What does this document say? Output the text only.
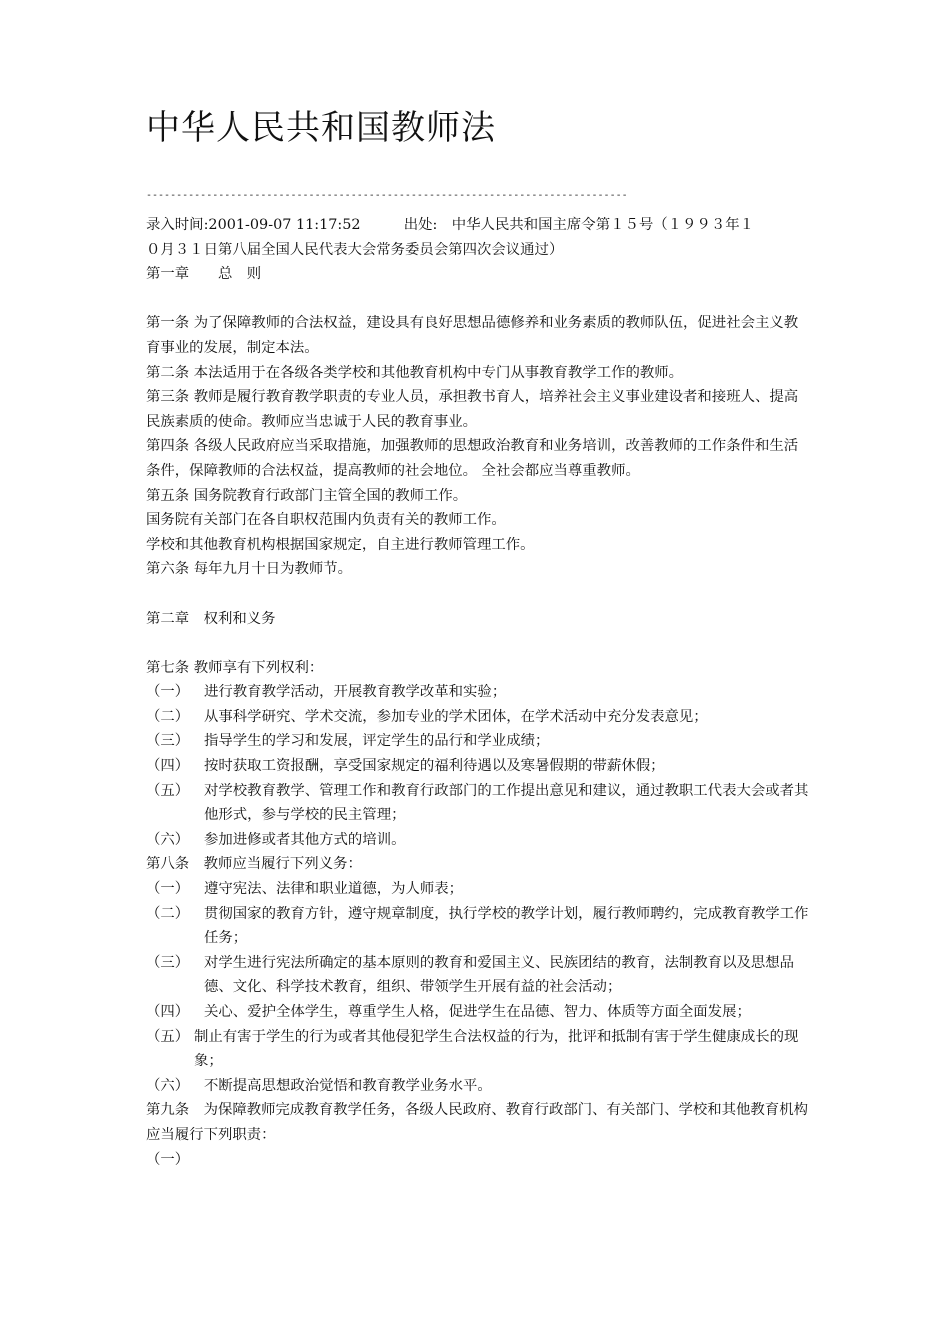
中华人民共和国教师法
--------------------------------------------------------------------------------
录入时间:2001-09-07 11:17:52　　　出处:　中华人民共和国主席令第１５号（１９９３年１
０月３１日第八届全国人民代表大会常务委员会第四次会议通过）
第一章　　总　则
第一条 为了保障教师的合法权益，建设具有良好思想品德修养和业务素质的教师队伍，促进社会主义教育事业的发展，制定本法。
第二条 本法适用于在各级各类学校和其他教育机构中专门从事教育教学工作的教师。
第三条 教师是履行教育教学职责的专业人员，承担教书育人，培养社会主义事业建设者和接班人、提高民族素质的使命。教师应当忠诚于人民的教育事业。
第四条 各级人民政府应当采取措施，加强教师的思想政治教育和业务培训，改善教师的工作条件和生活条件，保障教师的合法权益，提高教师的社会地位。 全社会都应当尊重教师。
第五条 国务院教育行政部门主管全国的教师工作。
国务院有关部门在各自职权范围内负责有关的教师工作。
学校和其他教育机构根据国家规定，自主进行教师管理工作。
第六条 每年九月十日为教师节。
第二章　权利和义务
第七条 教师享有下列权利：
（一） 进行教育教学活动，开展教育教学改革和实验；
（二） 从事科学研究、学术交流，参加专业的学术团体，在学术活动中充分发表意见；
（三） 指导学生的学习和发展，评定学生的品行和学业成绩；
（四） 按时获取工资报酬，享受国家规定的福利待遇以及寒暑假期的带薪休假；
（五） 对学校教育教学、管理工作和教育行政部门的工作提出意见和建议，通过教职工代表大会或者其他形式，参与学校的民主管理；
（六） 参加进修或者其他方式的培训。
第八条　教师应当履行下列义务：
（一） 遵守宪法、法律和职业道德，为人师表；
（二） 贯彻国家的教育方针，遵守规章制度，执行学校的教学计划，履行教师聘约，完成教育教学工作任务；
（三） 对学生进行宪法所确定的基本原则的教育和爱国主义、民族团结的教育，法制教育以及思想品德、文化、科学技术教育，组织、带领学生开展有益的社会活动；
（四） 关心、爱护全体学生，尊重学生人格，促进学生在品德、智力、体质等方面全面发展；
（五） 制止有害于学生的行为或者其他侵犯学生合法权益的行为，批评和抵制有害于学生健康成长的现象；
（六） 不断提高思想政治觉悟和教育教学业务水平。
第九条　为保障教师完成教育教学任务，各级人民政府、教育行政部门、有关部门、学校和其他教育机构应当履行下列职责：
（一）
